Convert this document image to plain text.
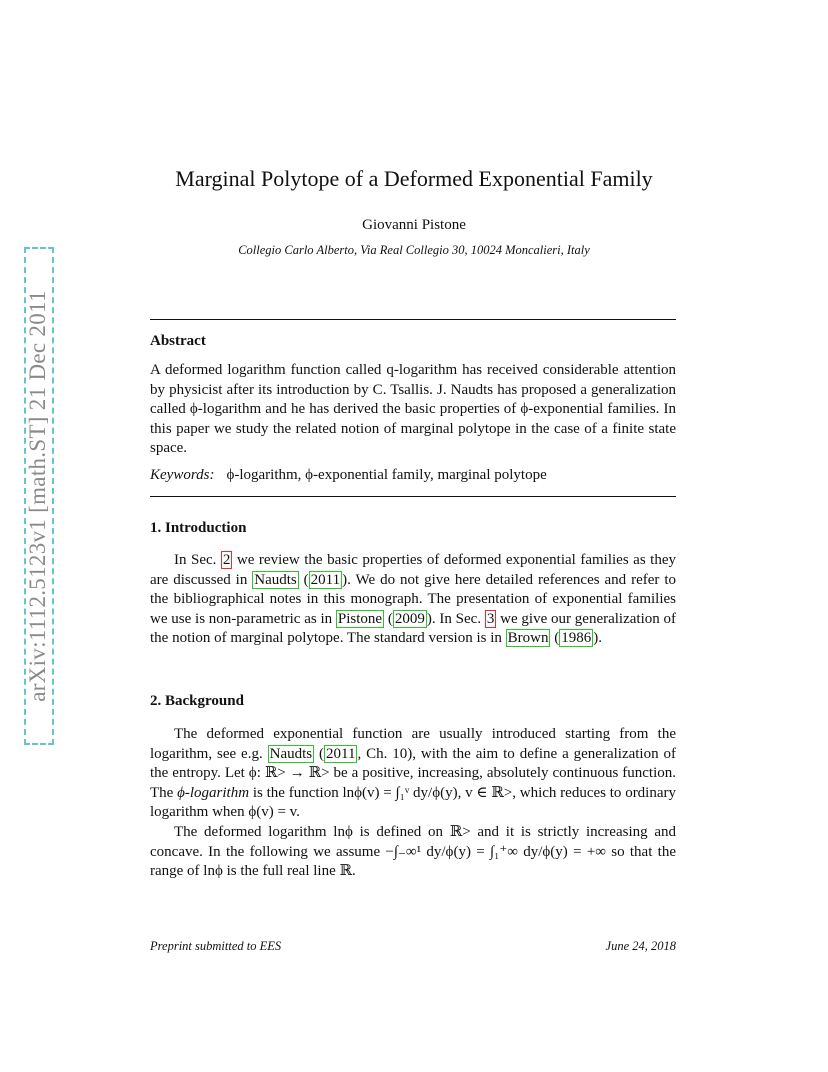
arXiv:1112.5123v1 [math.ST] 21 Dec 2011
Marginal Polytope of a Deformed Exponential Family
Giovanni Pistone
Collegio Carlo Alberto, Via Real Collegio 30, 10024 Moncalieri, Italy
Abstract

A deformed logarithm function called q-logarithm has received considerable attention by physicist after its introduction by C. Tsallis. J. Naudts has proposed a generalization called ϕ-logarithm and he has derived the basic properties of ϕ-exponential families. In this paper we study the related notion of marginal polytope in the case of a finite state space.

Keywords: ϕ-logarithm, ϕ-exponential family, marginal polytope
1. Introduction

In Sec. 2 we review the basic properties of deformed exponential families as they are discussed in Naudts ( 2011 ). We do not give here detailed references and refer to the bibliographical notes in this monograph. The presentation of exponential families we use is non-parametric as in Pistone ( 2009 ). In Sec. 3 we give our generalization of the notion of marginal polytope. The standard version is in Brown ( 1986 ).

2. Background

The deformed exponential function are usually introduced starting from the logarithm, see e.g. Naudts ( 2011 , Ch. 10), with the aim to define a generalization of the entropy. Let ϕ: ℝ> → ℝ> be a positive, increasing, absolutely continuous function. The ϕ-logarithm is the function lnϕ(v) = ∫₁ᵛ dy/ϕ(y), v ∈ ℝ>, which reduces to ordinary logarithm when ϕ(v) = v.

The deformed logarithm lnϕ is defined on ℝ> and it is strictly increasing and concave. In the following we assume −∫₋∞¹ dy/ϕ(y) = ∫₁⁺∞ dy/ϕ(y) = +∞ so that the range of lnϕ is the full real line ℝ.

Preprint submitted to EES	June 24, 2018
